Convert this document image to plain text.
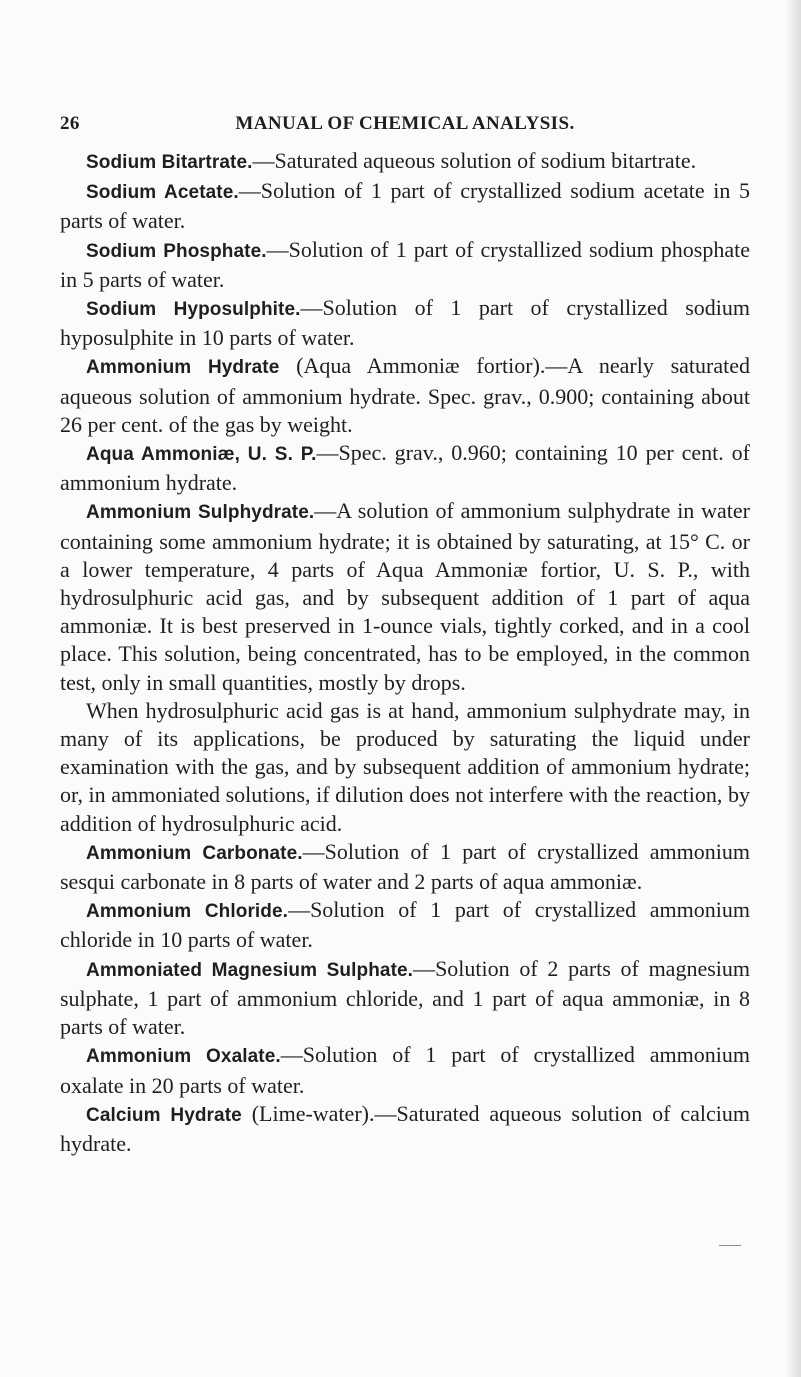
26	MANUAL OF CHEMICAL ANALYSIS.

Sodium Bitartrate.—Saturated aqueous solution of sodium bitartrate.

Sodium Acetate.—Solution of 1 part of crystallized sodium acetate in 5 parts of water.

Sodium Phosphate.—Solution of 1 part of crystallized sodium phosphate in 5 parts of water.

Sodium Hyposulphite.—Solution of 1 part of crystallized sodium hyposulphite in 10 parts of water.

Ammonium Hydrate (Aqua Ammoniæ fortior).—A nearly saturated aqueous solution of ammonium hydrate. Spec. grav., 0.900; containing about 26 per cent. of the gas by weight.

Aqua Ammoniæ, U. S. P.—Spec. grav., 0.960; containing 10 per cent. of ammonium hydrate.

Ammonium Sulphydrate.—A solution of ammonium sulphydrate in water containing some ammonium hydrate; it is obtained by saturating, at 15° C. or a lower temperature, 4 parts of Aqua Ammoniæ fortior, U. S. P., with hydrosulphuric acid gas, and by subsequent addition of 1 part of aqua ammoniæ. It is best preserved in 1-ounce vials, tightly corked, and in a cool place. This solution, being concentrated, has to be employed, in the common test, only in small quantities, mostly by drops.

When hydrosulphuric acid gas is at hand, ammonium sulphydrate may, in many of its applications, be produced by saturating the liquid under examination with the gas, and by subsequent addition of ammonium hydrate; or, in ammoniated solutions, if dilution does not interfere with the reaction, by addition of hydrosulphuric acid.

Ammonium Carbonate.—Solution of 1 part of crystallized ammonium sesqui carbonate in 8 parts of water and 2 parts of aqua ammoniæ.

Ammonium Chloride.—Solution of 1 part of crystallized ammonium chloride in 10 parts of water.

Ammoniated Magnesium Sulphate.—Solution of 2 parts of magnesium sulphate, 1 part of ammonium chloride, and 1 part of aqua ammoniæ, in 8 parts of water.

Ammonium Oxalate.—Solution of 1 part of crystallized ammonium oxalate in 20 parts of water.

Calcium Hydrate (Lime-water).—Saturated aqueous solution of calcium hydrate.
